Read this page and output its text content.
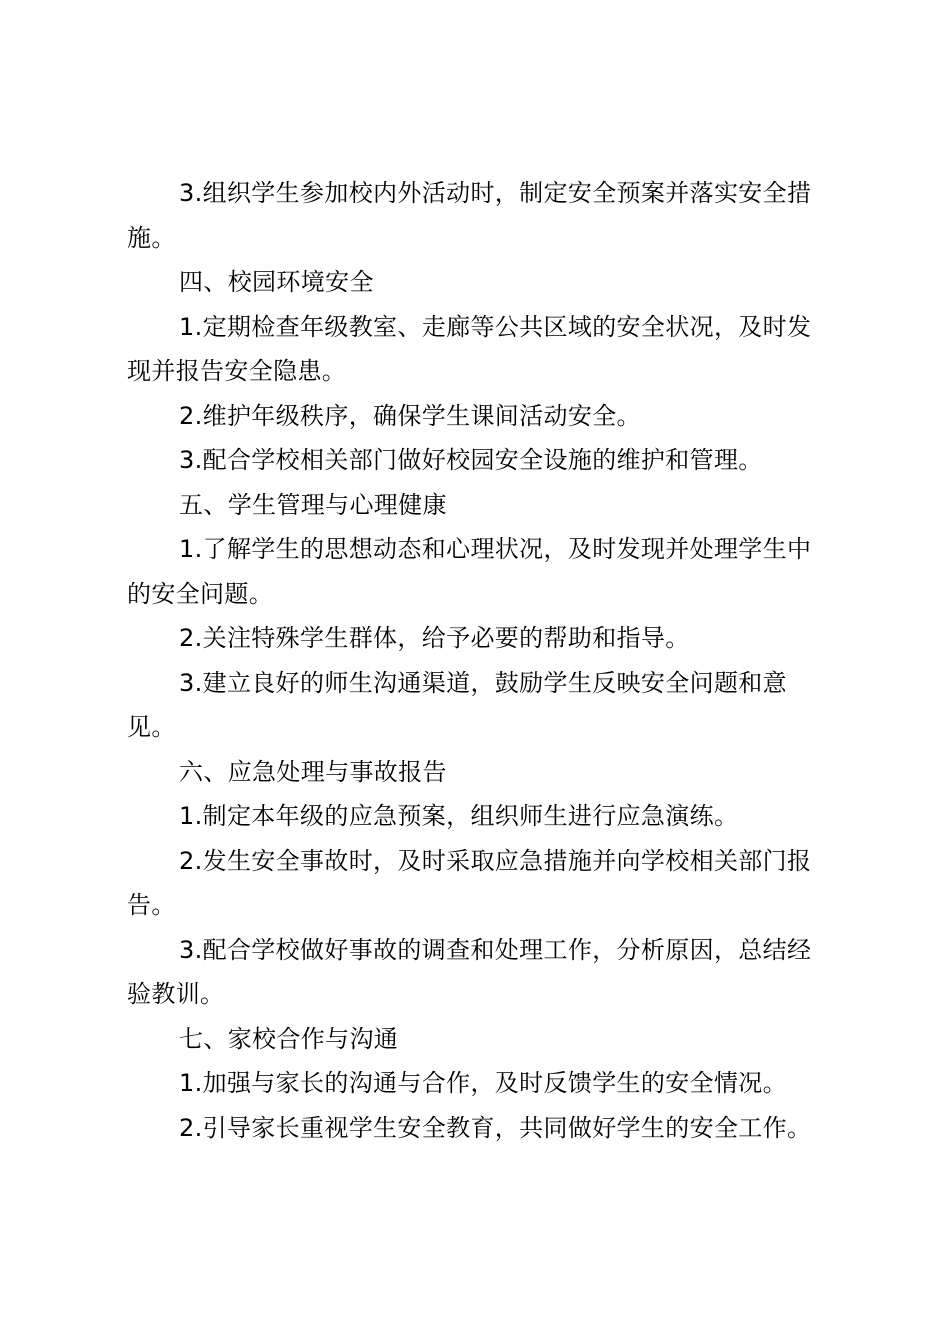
3.组织学生参加校内外活动时，制定安全预案并落实安全措施。

四、校园环境安全

1.定期检查年级教室、走廊等公共区域的安全状况，及时发现并报告安全隐患。

2.维护年级秩序，确保学生课间活动安全。

3.配合学校相关部门做好校园安全设施的维护和管理。

五、学生管理与心理健康

1.了解学生的思想动态和心理状况，及时发现并处理学生中的安全问题。

2.关注特殊学生群体，给予必要的帮助和指导。

3.建立良好的师生沟通渠道，鼓励学生反映安全问题和意见。

六、应急处理与事故报告

1.制定本年级的应急预案，组织师生进行应急演练。

2.发生安全事故时，及时采取应急措施并向学校相关部门报告。

3.配合学校做好事故的调查和处理工作，分析原因，总结经验教训。

七、家校合作与沟通

1.加强与家长的沟通与合作，及时反馈学生的安全情况。

2.引导家长重视学生安全教育，共同做好学生的安全工作。
